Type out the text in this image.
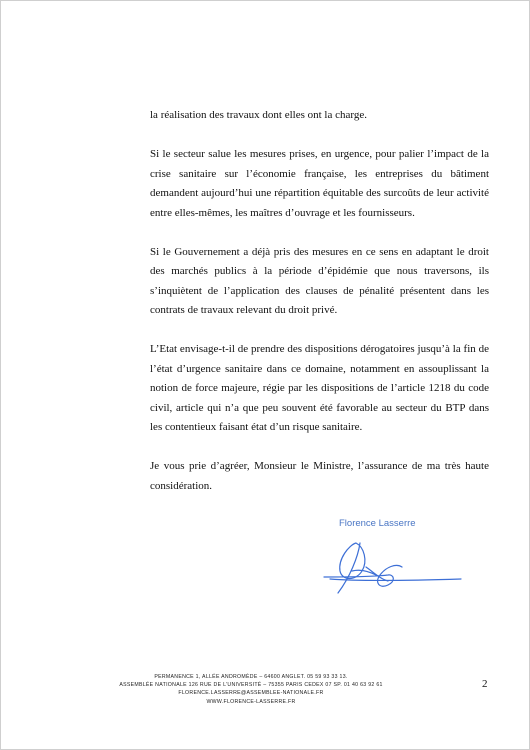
la réalisation des travaux dont elles ont la charge.

Si le secteur salue les mesures prises, en urgence, pour palier l’impact de la crise sanitaire sur l’économie française, les entreprises du bâtiment demandent aujourd’hui une répartition équitable des surcoûts de leur activité entre elles-mêmes, les maîtres d’ouvrage et les fournisseurs.

Si le Gouvernement a déjà pris des mesures en ce sens en adaptant le droit des marchés publics à la période d’épidémie que nous traversons, ils s’inquiètent de l’application des clauses de pénalité présentent dans les contrats de travaux relevant du droit privé.

L’Etat envisage-t-il de prendre des dispositions dérogatoires jusqu’à la fin de l’état d’urgence sanitaire dans ce domaine, notamment en assouplissant la notion de force majeure, régie par les dispositions de l’article 1218 du code civil, article qui n’a que peu souvent été favorable au secteur du BTP dans les contentieux faisant état d’un risque sanitaire.

Je vous prie d’agréer, Monsieur le Ministre, l’assurance de ma très haute considération.

Florence Lasserre
PERMANENCE 1, ALLÉE ANDROMÈDE – 64600 ANGLET. 05 59 93 33 13.
ASSEMBLÉE NATIONALE 126 RUE DE L’UNIVERSITÉ – 75355 PARIS CEDEX 07 SP. 01 40 63 92 61
FLORENCE.LASSERRE@ASSEMBLEE-NATIONALE.FR
WWW.FLORENCE-LASSERRE.FR
2
